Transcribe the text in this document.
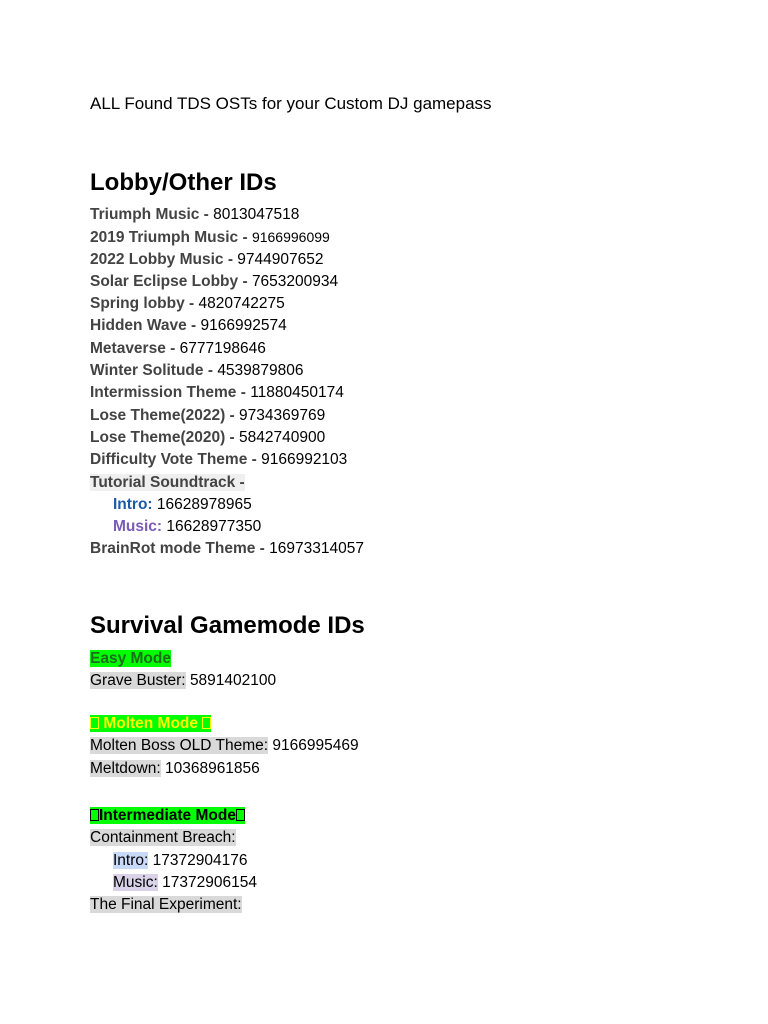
ALL Found TDS OSTs for your Custom DJ gamepass
Lobby/Other IDs
Triumph Music - 8013047518
2019 Triumph Music - 9166996099
2022 Lobby Music - 9744907652
Solar Eclipse Lobby - 7653200934
Spring lobby - 4820742275
Hidden Wave - 9166992574
Metaverse - 6777198646
Winter Solitude - 4539879806
Intermission Theme - 11880450174
Lose Theme(2022) - 9734369769
Lose Theme(2020) - 5842740900
Difficulty Vote Theme - 9166992103
Tutorial Soundtrack -
Intro: 16628978965
Music: 16628977350
BrainRot mode Theme - 16973314057
Survival Gamemode IDs
Easy Mode
Grave Buster: 5891402100
Molten Mode
Molten Boss OLD Theme: 9166995469
Meltdown: 10368961856
Intermediate Mode
Containment Breach:
Intro: 17372904176
Music: 17372906154
The Final Experiment:
